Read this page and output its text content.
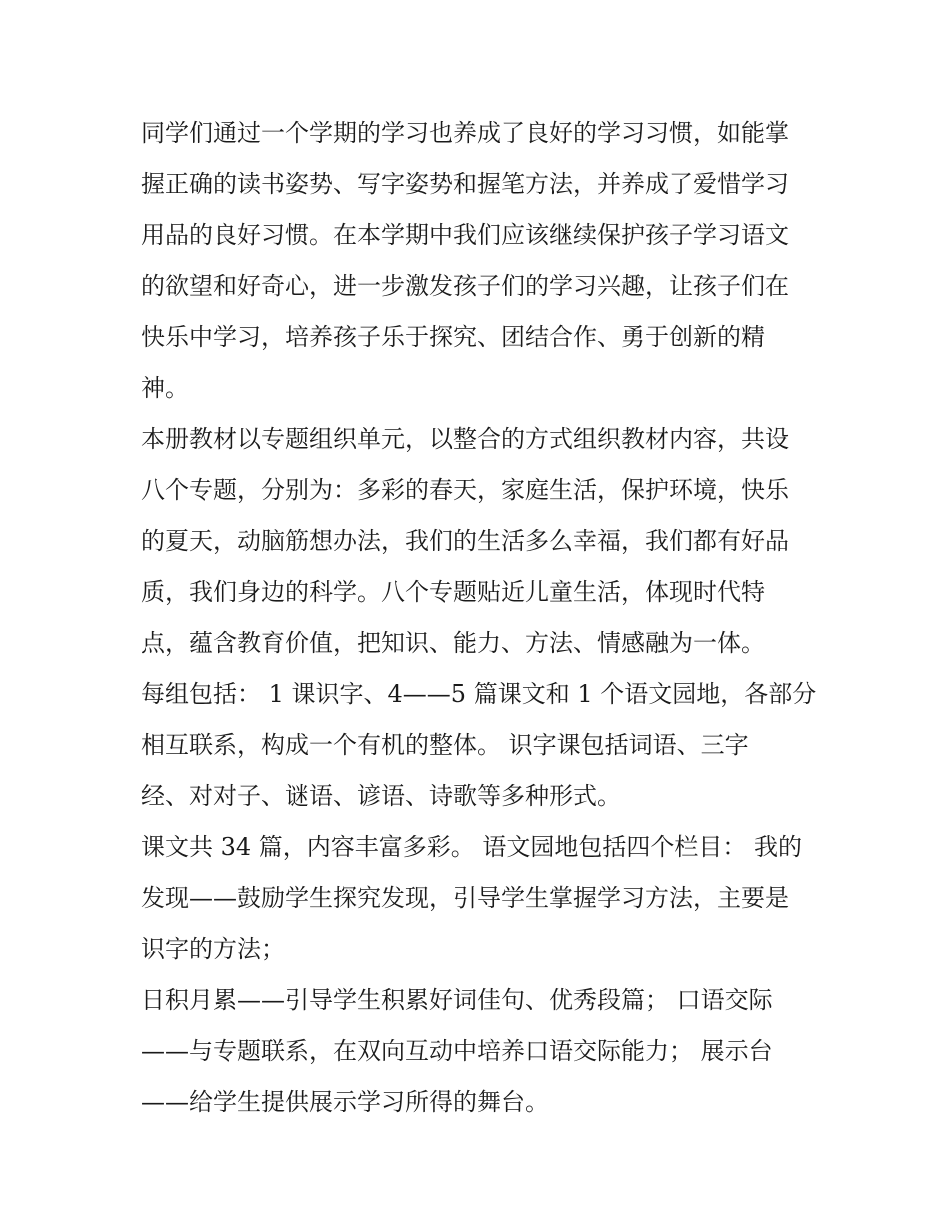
同学们通过一个学期的学习也养成了良好的学习习惯，如能掌
握正确的读书姿势、写字姿势和握笔方法，并养成了爱惜学习
用品的良好习惯。在本学期中我们应该继续保护孩子学习语文
的欲望和好奇心，进一步激发孩子们的学习兴趣，让孩子们在
快乐中学习，培养孩子乐于探究、团结合作、勇于创新的精
神。
本册教材以专题组织单元，以整合的方式组织教材内容，共设
八个专题，分别为：多彩的春天，家庭生活，保护环境，快乐
的夏天，动脑筋想办法，我们的生活多么幸福，我们都有好品
质，我们身边的科学。八个专题贴近儿童生活，体现时代特
点，蕴含教育价值，把知识、能力、方法、情感融为一体。
每组包括： 1 课识字、4——5 篇课文和 1 个语文园地，各部分
相互联系，构成一个有机的整体。 识字课包括词语、三字
经、对对子、谜语、谚语、诗歌等多种形式。
课文共 34 篇，内容丰富多彩。 语文园地包括四个栏目： 我的
发现——鼓励学生探究发现，引导学生掌握学习方法，主要是
识字的方法；
日积月累——引导学生积累好词佳句、优秀段篇； 口语交际
——与专题联系，在双向互动中培养口语交际能力； 展示台
——给学生提供展示学习所得的舞台。
